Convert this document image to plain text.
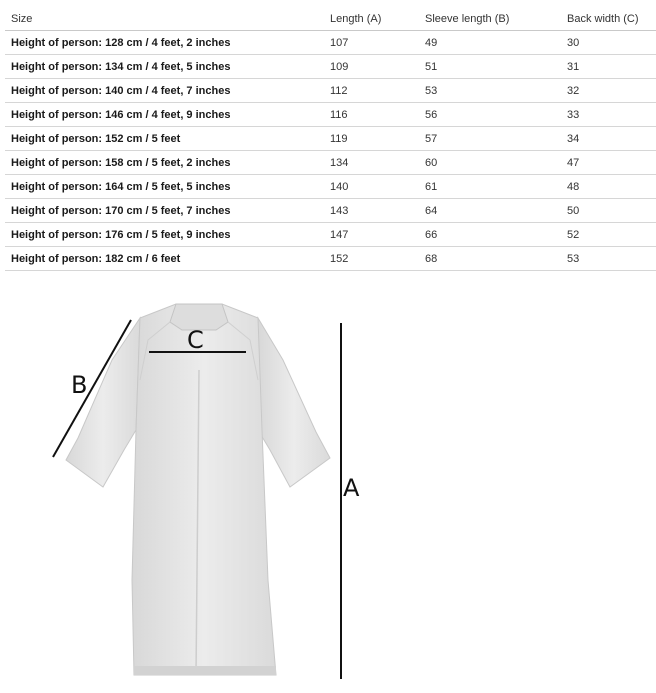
Size	Length (A)	Sleeve length (B)	Back width (C)
Height of person: 128 cm / 4 feet, 2 inches	107	49	30
Height of person: 134 cm / 4 feet, 5 inches	109	51	31
Height of person: 140 cm / 4 feet, 7 inches	112	53	32
Height of person: 146 cm / 4 feet, 9 inches	116	56	33
Height of person: 152 cm / 5 feet	119	57	34
Height of person: 158 cm / 5 feet, 2 inches	134	60	47
Height of person: 164 cm / 5 feet, 5 inches	140	61	48
Height of person: 170 cm / 5 feet, 7 inches	143	64	50
Height of person: 176 cm / 5 feet, 9 inches	147	66	52
Height of person: 182 cm / 6 feet	152	68	53
A
B
C
